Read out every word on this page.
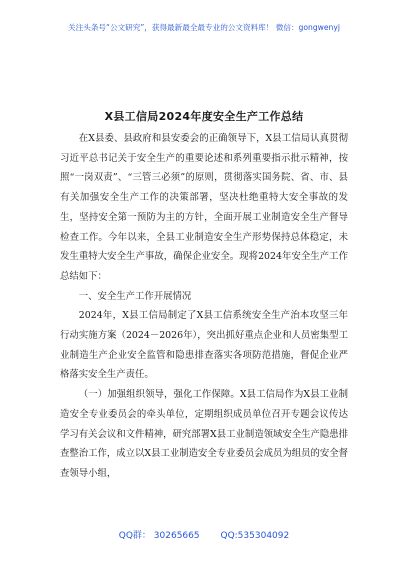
关注头条号“公文研究”，获得最新最全最专业的公文资料库！ 微信：gongwenyj
X县工信局2024年度安全生产工作总结

在X县委、县政府和县安委会的正确领导下，X县工信局认真贯彻习近平总书记关于安全生产的重要论述和系列重要指示批示精神，按照“一岗双责”、“三管三必须”的原则，贯彻落实国务院、省、市、县有关加强安全生产工作的决策部署，坚决杜绝重特大安全事故的发生，坚持安全第一预防为主的方针，全面开展工业制造安全生产督导检查工作。今年以来，全县工业制造安全生产形势保持总体稳定，未发生重特大安全生产事故，确保企业安全。现将2024年安全生产工作总结如下：

一、安全生产工作开展情况

2024年，X县工信局制定了X县工信系统安全生产治本攻坚三年行动实施方案（2024－2026年），突出抓好重点企业和人员密集型工业制造生产企业安全监管和隐患排查落实各项防范措施，督促企业严格落实安全生产责任。

（一）加强组织领导，强化工作保障。X县工信局作为X县工业制造安全专业委员会的牵头单位，定期组织成员单位召开专题会议传达学习有关会议和文件精神，研究部署X县工业制造领域安全生产隐患排查整治工作，成立以X县工业制造安全专业委员会成员为组员的安全督查领导小组，

QQ群： 30265665 QQ:535304092
